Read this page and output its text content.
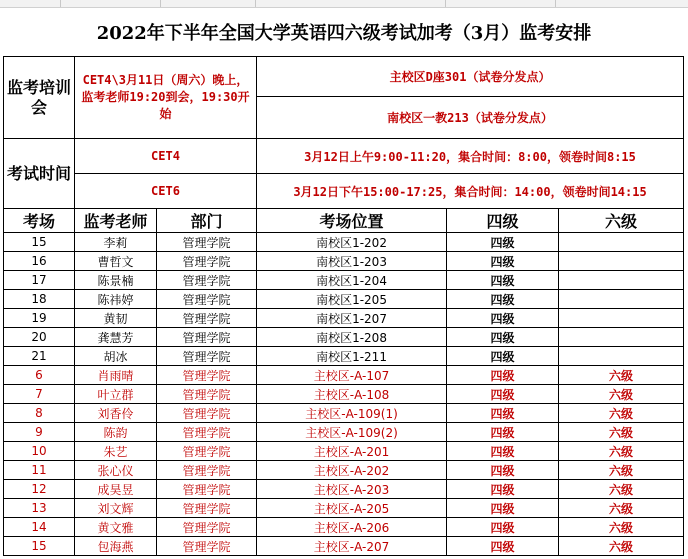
2022年下半年全国大学英语四六级考试加考（3月）监考安排
监考培训会	CET4\3月11日（周六）晚上，监考老师19:20到会，19:30开始		主校区D座301（试卷分发点）		
			南校区一教213（试卷分发点）		
考试时间	CET4		3月12日上午9:00-11:20，集合时间：8:00，领卷时间8:15		
	CET6		3月12日下午15:00-17:25，集合时间：14:00，领卷时间14:15		
考场	监考老师	部门	考场位置	四级	六级
15	李莉	管理学院	南校区1-202	四级	
16	曹哲文	管理学院	南校区1-203	四级	
17	陈景楠	管理学院	南校区1-204	四级	
18	陈祎婷	管理学院	南校区1-205	四级	
19	黄韧	管理学院	南校区1-207	四级	
20	龚慧芳	管理学院	南校区1-208	四级	
21	胡冰	管理学院	南校区1-211	四级	
6	肖雨晴	管理学院	主校区-A-107	四级	六级
7	叶立群	管理学院	主校区-A-108	四级	六级
8	刘香伶	管理学院	主校区-A-109(1)	四级	六级
9	陈韵	管理学院	主校区-A-109(2)	四级	六级
10	朱艺	管理学院	主校区-A-201	四级	六级
11	张心仪	管理学院	主校区-A-202	四级	六级
12	成昊昱	管理学院	主校区-A-203	四级	六级
13	刘文辉	管理学院	主校区-A-205	四级	六级
14	黄文雅	管理学院	主校区-A-206	四级	六级
15	包海燕	管理学院	主校区-A-207	四级	六级
